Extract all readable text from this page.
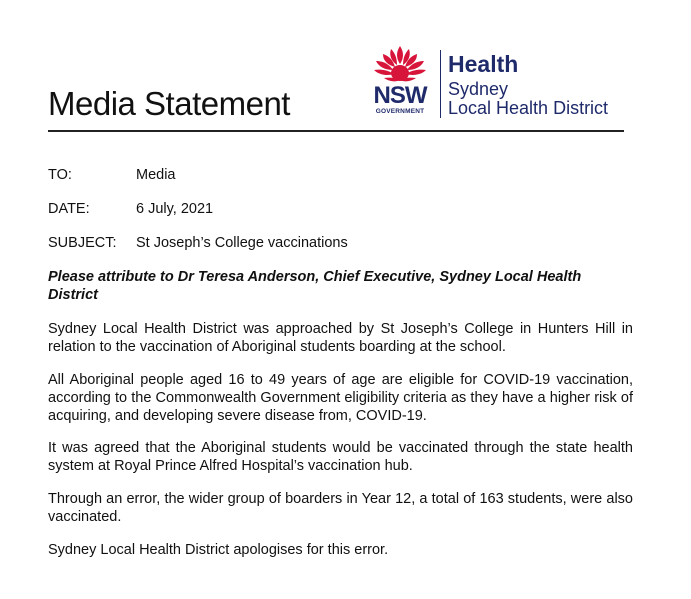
Media Statement	NSW
GOVERNMENT
Health
Sydney
Local Health District
TO:	Media
DATE:	6 July, 2021
SUBJECT: St Joseph’s College vaccinations

Please attribute to Dr Teresa Anderson, Chief Executive, Sydney Local Health District

Sydney Local Health District was approached by St Joseph’s College in Hunters Hill in relation to the vaccination of Aboriginal students boarding at the school.

All Aboriginal people aged 16 to 49 years of age are eligible for COVID-19 vaccination, according to the Commonwealth Government eligibility criteria as they have a higher risk of acquiring, and developing severe disease from, COVID-19.

It was agreed that the Aboriginal students would be vaccinated through the state health system at Royal Prince Alfred Hospital’s vaccination hub.

Through an error, the wider group of boarders in Year 12, a total of 163 students, were also vaccinated.

Sydney Local Health District apologises for this error.
